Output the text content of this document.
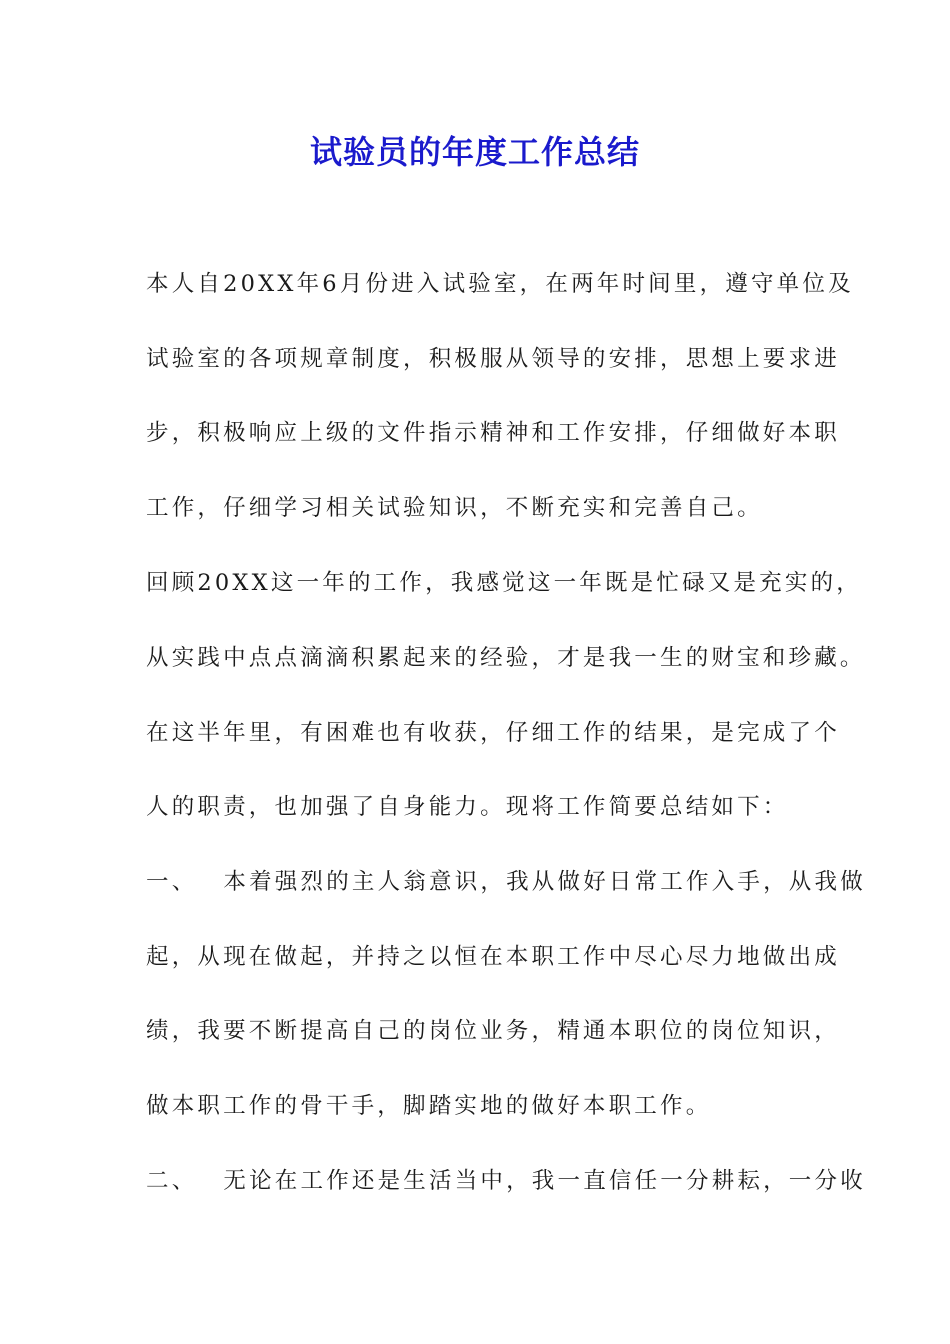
试验员的年度工作总结
本人自20XX年6月份进入试验室，在两年时间里，遵守单位及
试验室的各项规章制度，积极服从领导的安排，思想上要求进
步，积极响应上级的文件指示精神和工作安排，仔细做好本职
工作，仔细学习相关试验知识，不断充实和完善自己。
回顾20XX这一年的工作，我感觉这一年既是忙碌又是充实的，
从实践中点点滴滴积累起来的经验，才是我一生的财宝和珍藏。
在这半年里，有困难也有收获，仔细工作的结果，是完成了个
人的职责，也加强了自身能力。现将工作简要总结如下：
一、 本着强烈的主人翁意识，我从做好日常工作入手，从我做
起，从现在做起，并持之以恒在本职工作中尽心尽力地做出成
绩，我要不断提高自己的岗位业务，精通本职位的岗位知识，
做本职工作的骨干手，脚踏实地的做好本职工作。
二、 无论在工作还是生活当中，我一直信任一分耕耘，一分收
